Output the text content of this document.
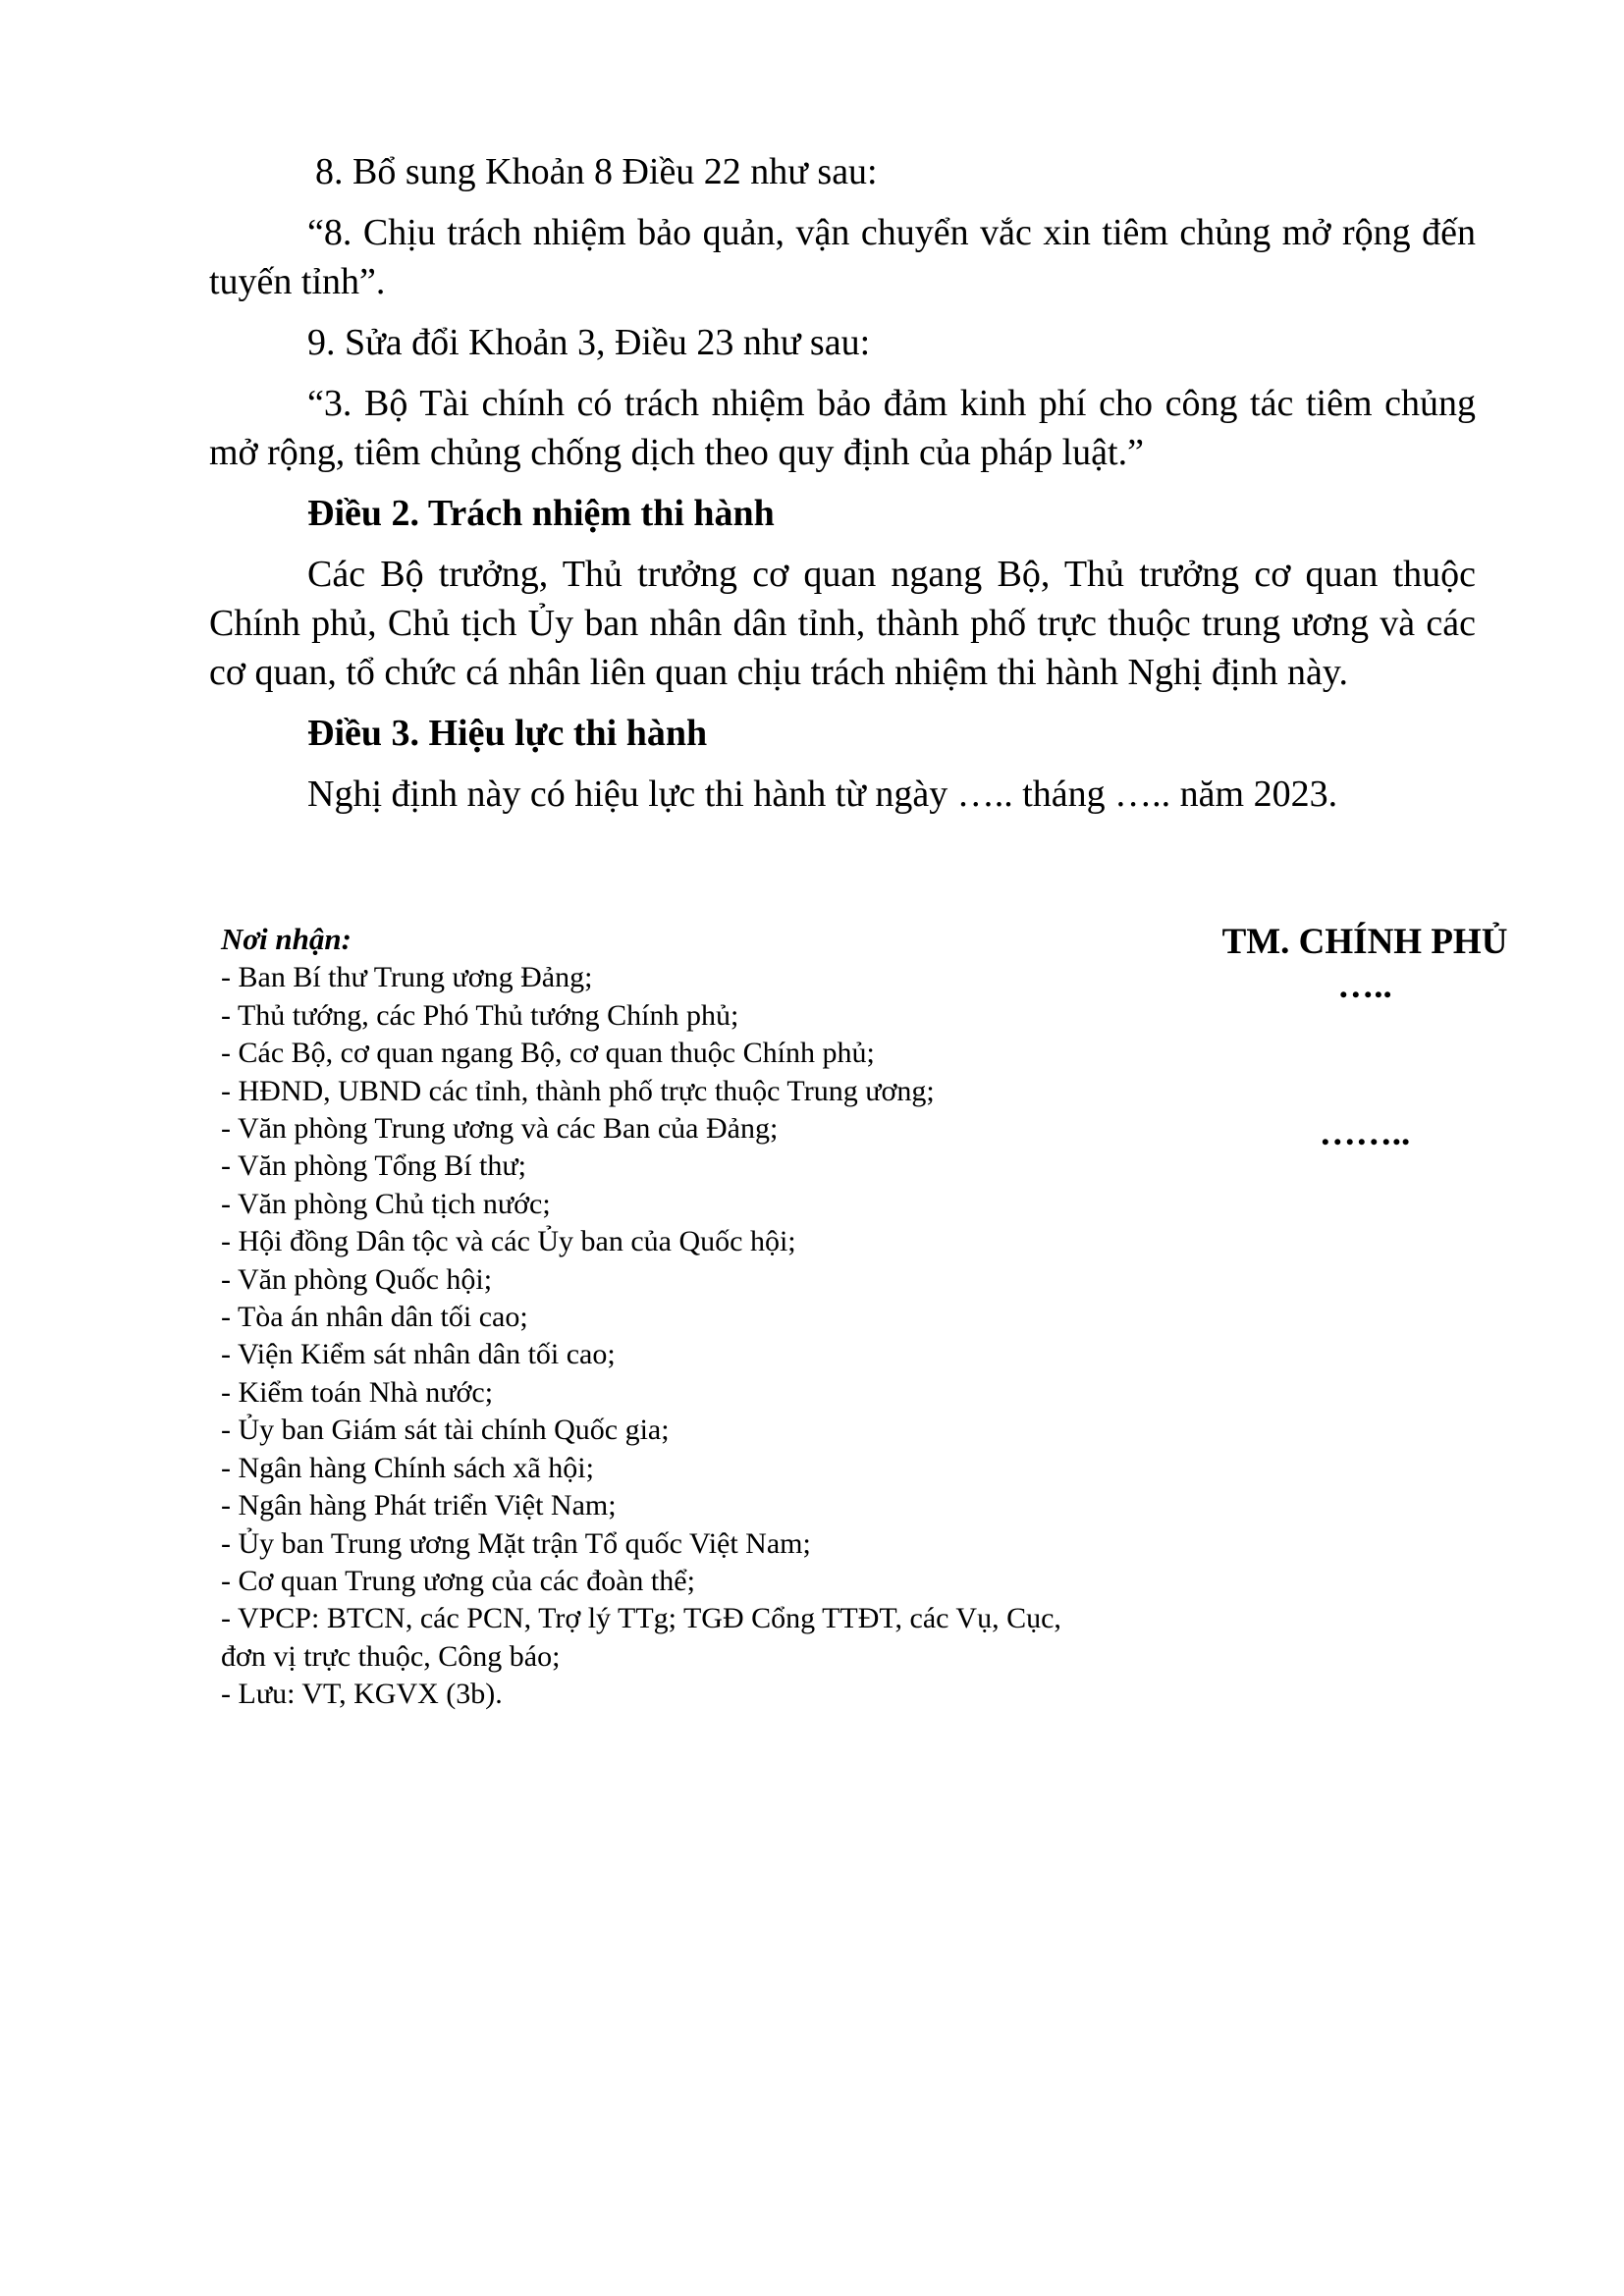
8. Bổ sung Khoản 8 Điều 22 như sau:

“8. Chịu trách nhiệm bảo quản, vận chuyển vắc xin tiêm chủng mở rộng đến tuyến tỉnh”.

9. Sửa đổi Khoản 3, Điều 23 như sau:

“3. Bộ Tài chính có trách nhiệm bảo đảm kinh phí cho công tác tiêm chủng mở rộng, tiêm chủng chống dịch theo quy định của pháp luật.”

Điều 2. Trách nhiệm thi hành

Các Bộ trưởng, Thủ trưởng cơ quan ngang Bộ, Thủ trưởng cơ quan thuộc Chính phủ, Chủ tịch Ủy ban nhân dân tỉnh, thành phố trực thuộc trung ương và các cơ quan, tổ chức cá nhân liên quan chịu trách nhiệm thi hành Nghị định này.

Điều 3. Hiệu lực thi hành

Nghị định này có hiệu lực thi hành từ ngày ….. tháng ….. năm 2023.

Nơi nhận:
- Ban Bí thư Trung ương Đảng;
- Thủ tướng, các Phó Thủ tướng Chính phủ;
- Các Bộ, cơ quan ngang Bộ, cơ quan thuộc Chính phủ;
- HĐND, UBND các tỉnh, thành phố trực thuộc Trung ương;
- Văn phòng Trung ương và các Ban của Đảng;
- Văn phòng Tổng Bí thư;
- Văn phòng Chủ tịch nước;
- Hội đồng Dân tộc và các Ủy ban của Quốc hội;
- Văn phòng Quốc hội;
- Tòa án nhân dân tối cao;
- Viện Kiểm sát nhân dân tối cao;
- Kiểm toán Nhà nước;
- Ủy ban Giám sát tài chính Quốc gia;
- Ngân hàng Chính sách xã hội;
- Ngân hàng Phát triển Việt Nam;
- Ủy ban Trung ương Mặt trận Tổ quốc Việt Nam;
- Cơ quan Trung ương của các đoàn thể;
- VPCP: BTCN, các PCN, Trợ lý TTg; TGĐ Cổng TTĐT, các Vụ, Cục, đơn vị trực thuộc, Công báo;
- Lưu: VT, KGVX (3b).
TM. CHÍNH PHỦ
…..
……..
